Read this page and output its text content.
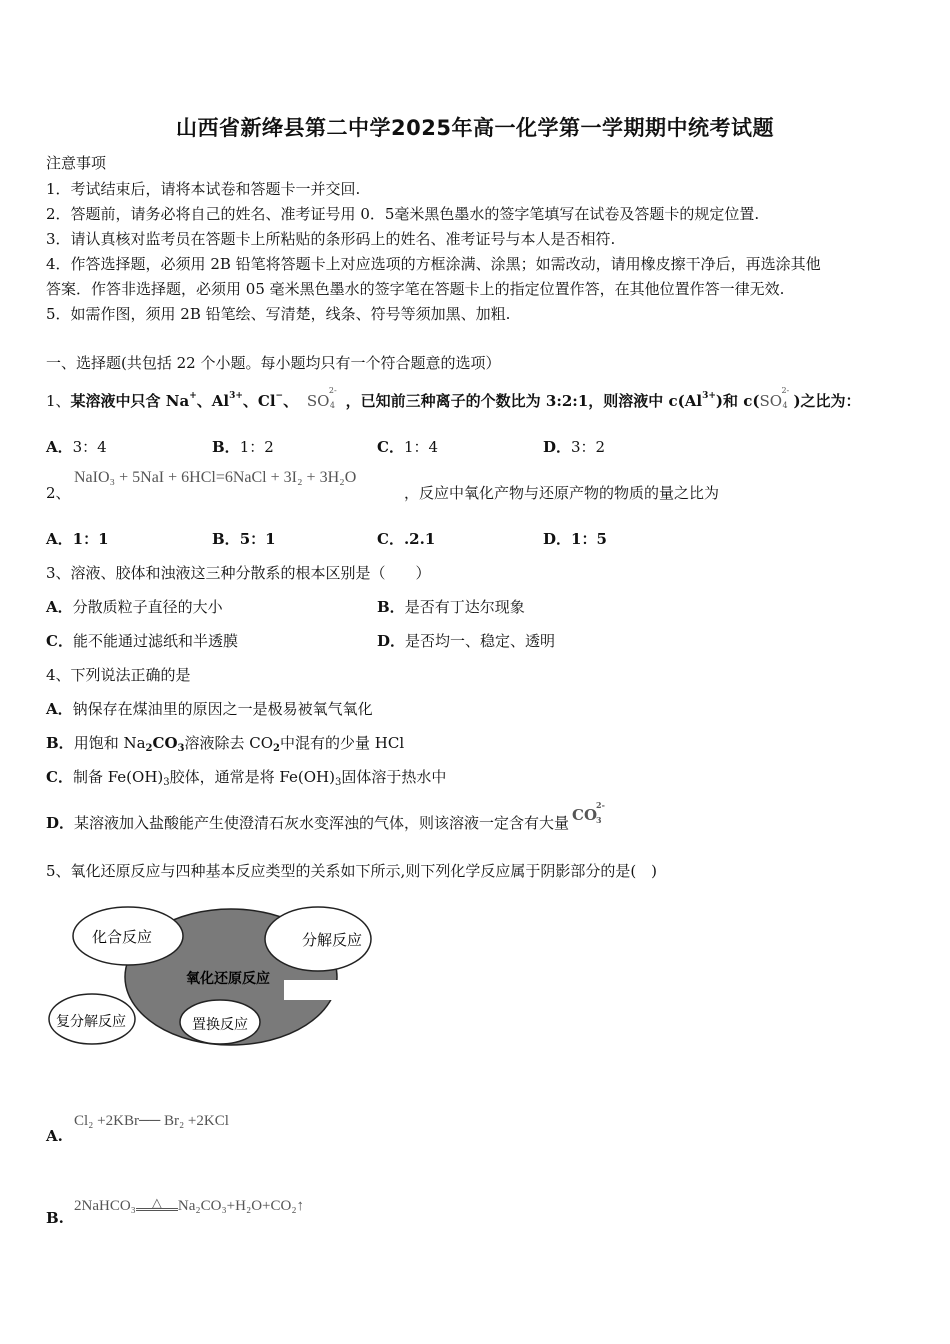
山西省新绛县第二中学2025年高一化学第一学期期中统考试题
注意事项
1．考试结束后，请将本试卷和答题卡一并交回.
2．答题前，请务必将自己的姓名、准考证号用 0．5毫米黑色墨水的签字笔填写在试卷及答题卡的规定位置.
3．请认真核对监考员在答题卡上所粘贴的条形码上的姓名、准考证号与本人是否相符.
4．作答选择题，必须用 2B 铅笔将答题卡上对应选项的方框涂满、涂黑；如需改动，请用橡皮擦干净后，再选涂其他
答案．作答非选择题，必须用 05 毫米黑色墨水的签字笔在答题卡上的指定位置作答，在其他位置作答一律无效.
5．如需作图，须用 2B 铅笔绘、写清楚，线条、符号等须加黑、加粗.
一、选择题(共包括 22 个小题。每小题均只有一个符合题意的选项）
1、某溶液中只含 Na+、$Al^{3+}$、Cl−、 SO
2-
4 ，已知前三种离子的个数比为 3:2:1，则溶液中 $c(Al^{3+})$和 c(SO
2-
4 )之比为：
A．3：4	B．1：2	C．1：4	D．3：2
2、
NaIO₃ + 5NaI + 6HCl=6NaCl + 3I₂ + 3H₂O
，反应中氧化产物与还原产物的物质的量之比为
A．1：1	B．5：1	C．.2.1	D．1：5
3、溶液、胶体和浊液这三种分散系的根本区别是（　　）
A．分散质粒子直径的大小	B．是否有丁达尔现象
C．能不能通过滤纸和半透膜	D．是否均一、稳定、透明
4、下列说法正确的是
A．钠保存在煤油里的原因之一是极易被氧气氧化
B．用饱和 $Na_2CO_3$溶液除去 $CO_2$中混有的少量 HCl
C．制备 $Fe(OH)_3$胶体，通常是将 $Fe(OH)_3$固体溶于热水中
D．某溶液加入盐酸能产生使澄清石灰水变浑浊的气体，则该溶液一定含有大量 CO
2-
3
5、氧化还原反应与四种基本反应类型的关系如下所示,则下列化学反应属于阴影部分的是(　)
化合反应	分解反应
氧化还原反应
复分解反应	置换反应
A.
Cl₂ +2KBr── Br₂ +2KCl
B.
2NaHCO₃ △ Na₂CO₃+H₂O+CO₂↑
